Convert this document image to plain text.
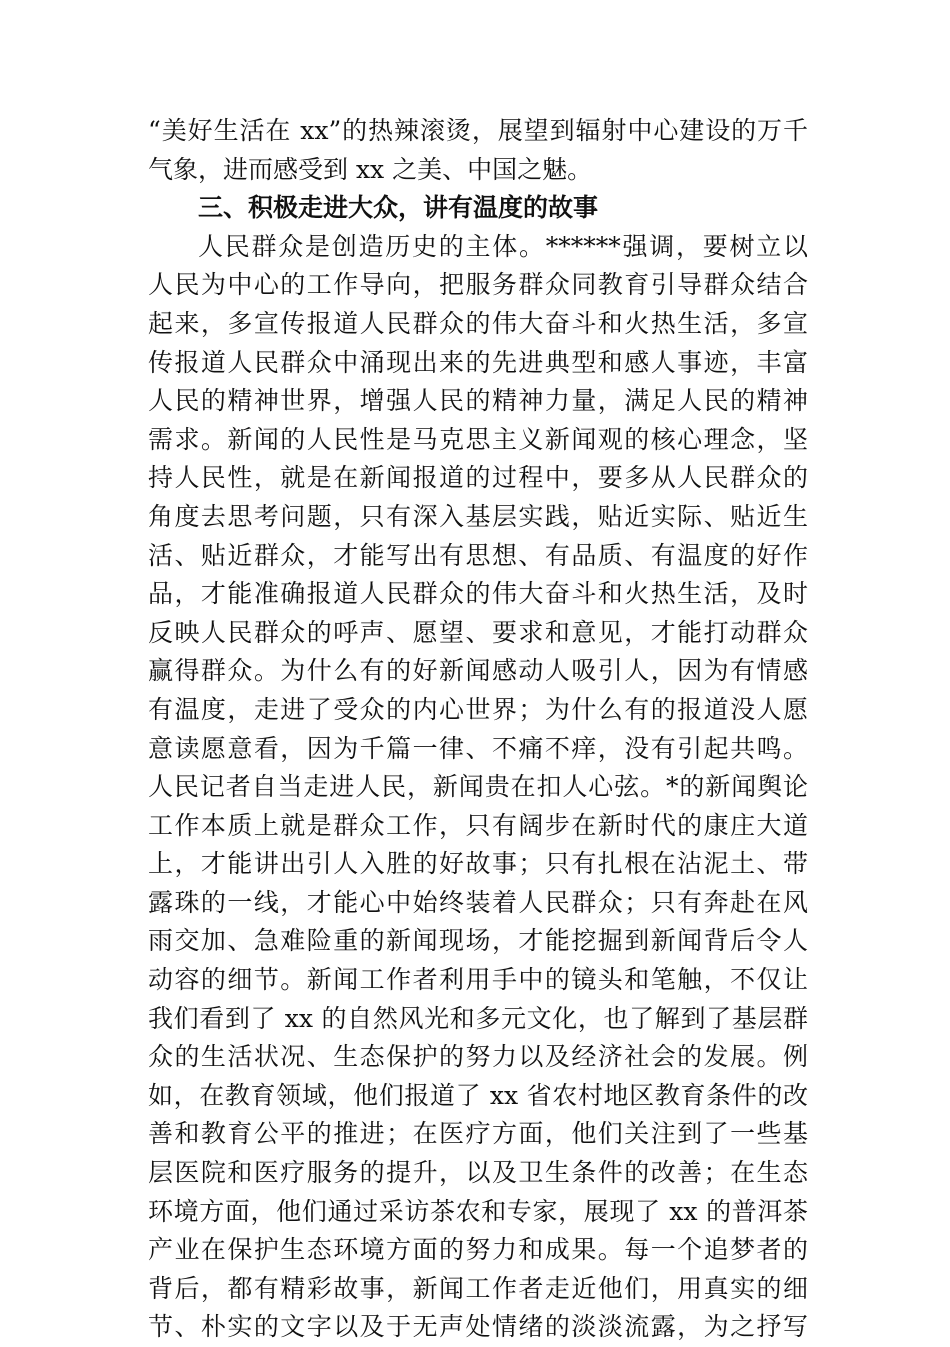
“美好生活在 xx”的热辣滚烫，展望到辐射中心建设的万千
气象，进而感受到 xx 之美、中国之魅。
三、积极走进大众，讲有温度的故事
人民群众是创造历史的主体。******强调，要树立以
人民为中心的工作导向，把服务群众同教育引导群众结合
起来，多宣传报道人民群众的伟大奋斗和火热生活，多宣
传报道人民群众中涌现出来的先进典型和感人事迹，丰富
人民的精神世界，增强人民的精神力量，满足人民的精神
需求。新闻的人民性是马克思主义新闻观的核心理念，坚
持人民性，就是在新闻报道的过程中，要多从人民群众的
角度去思考问题，只有深入基层实践，贴近实际、贴近生
活、贴近群众，才能写出有思想、有品质、有温度的好作
品，才能准确报道人民群众的伟大奋斗和火热生活，及时
反映人民群众的呼声、愿望、要求和意见，才能打动群众
赢得群众。为什么有的好新闻感动人吸引人，因为有情感
有温度，走进了受众的内心世界；为什么有的报道没人愿
意读愿意看，因为千篇一律、不痛不痒，没有引起共鸣。
人民记者自当走进人民，新闻贵在扣人心弦。*的新闻舆论
工作本质上就是群众工作，只有阔步在新时代的康庄大道
上，才能讲出引人入胜的好故事；只有扎根在沾泥土、带
露珠的一线，才能心中始终装着人民群众；只有奔赴在风
雨交加、急难险重的新闻现场，才能挖掘到新闻背后令人
动容的细节。新闻工作者利用手中的镜头和笔触，不仅让
我们看到了 xx 的自然风光和多元文化，也了解到了基层群
众的生活状况、生态保护的努力以及经济社会的发展。例
如，在教育领域，他们报道了 xx 省农村地区教育条件的改
善和教育公平的推进；在医疗方面，他们关注到了一些基
层医院和医疗服务的提升，以及卫生条件的改善；在生态
环境方面，他们通过采访茶农和专家，展现了 xx 的普洱茶
产业在保护生态环境方面的努力和成果。每一个追梦者的
背后，都有精彩故事，新闻工作者走近他们，用真实的细
节、朴实的文字以及于无声处情绪的淡淡流露，为之抒写
